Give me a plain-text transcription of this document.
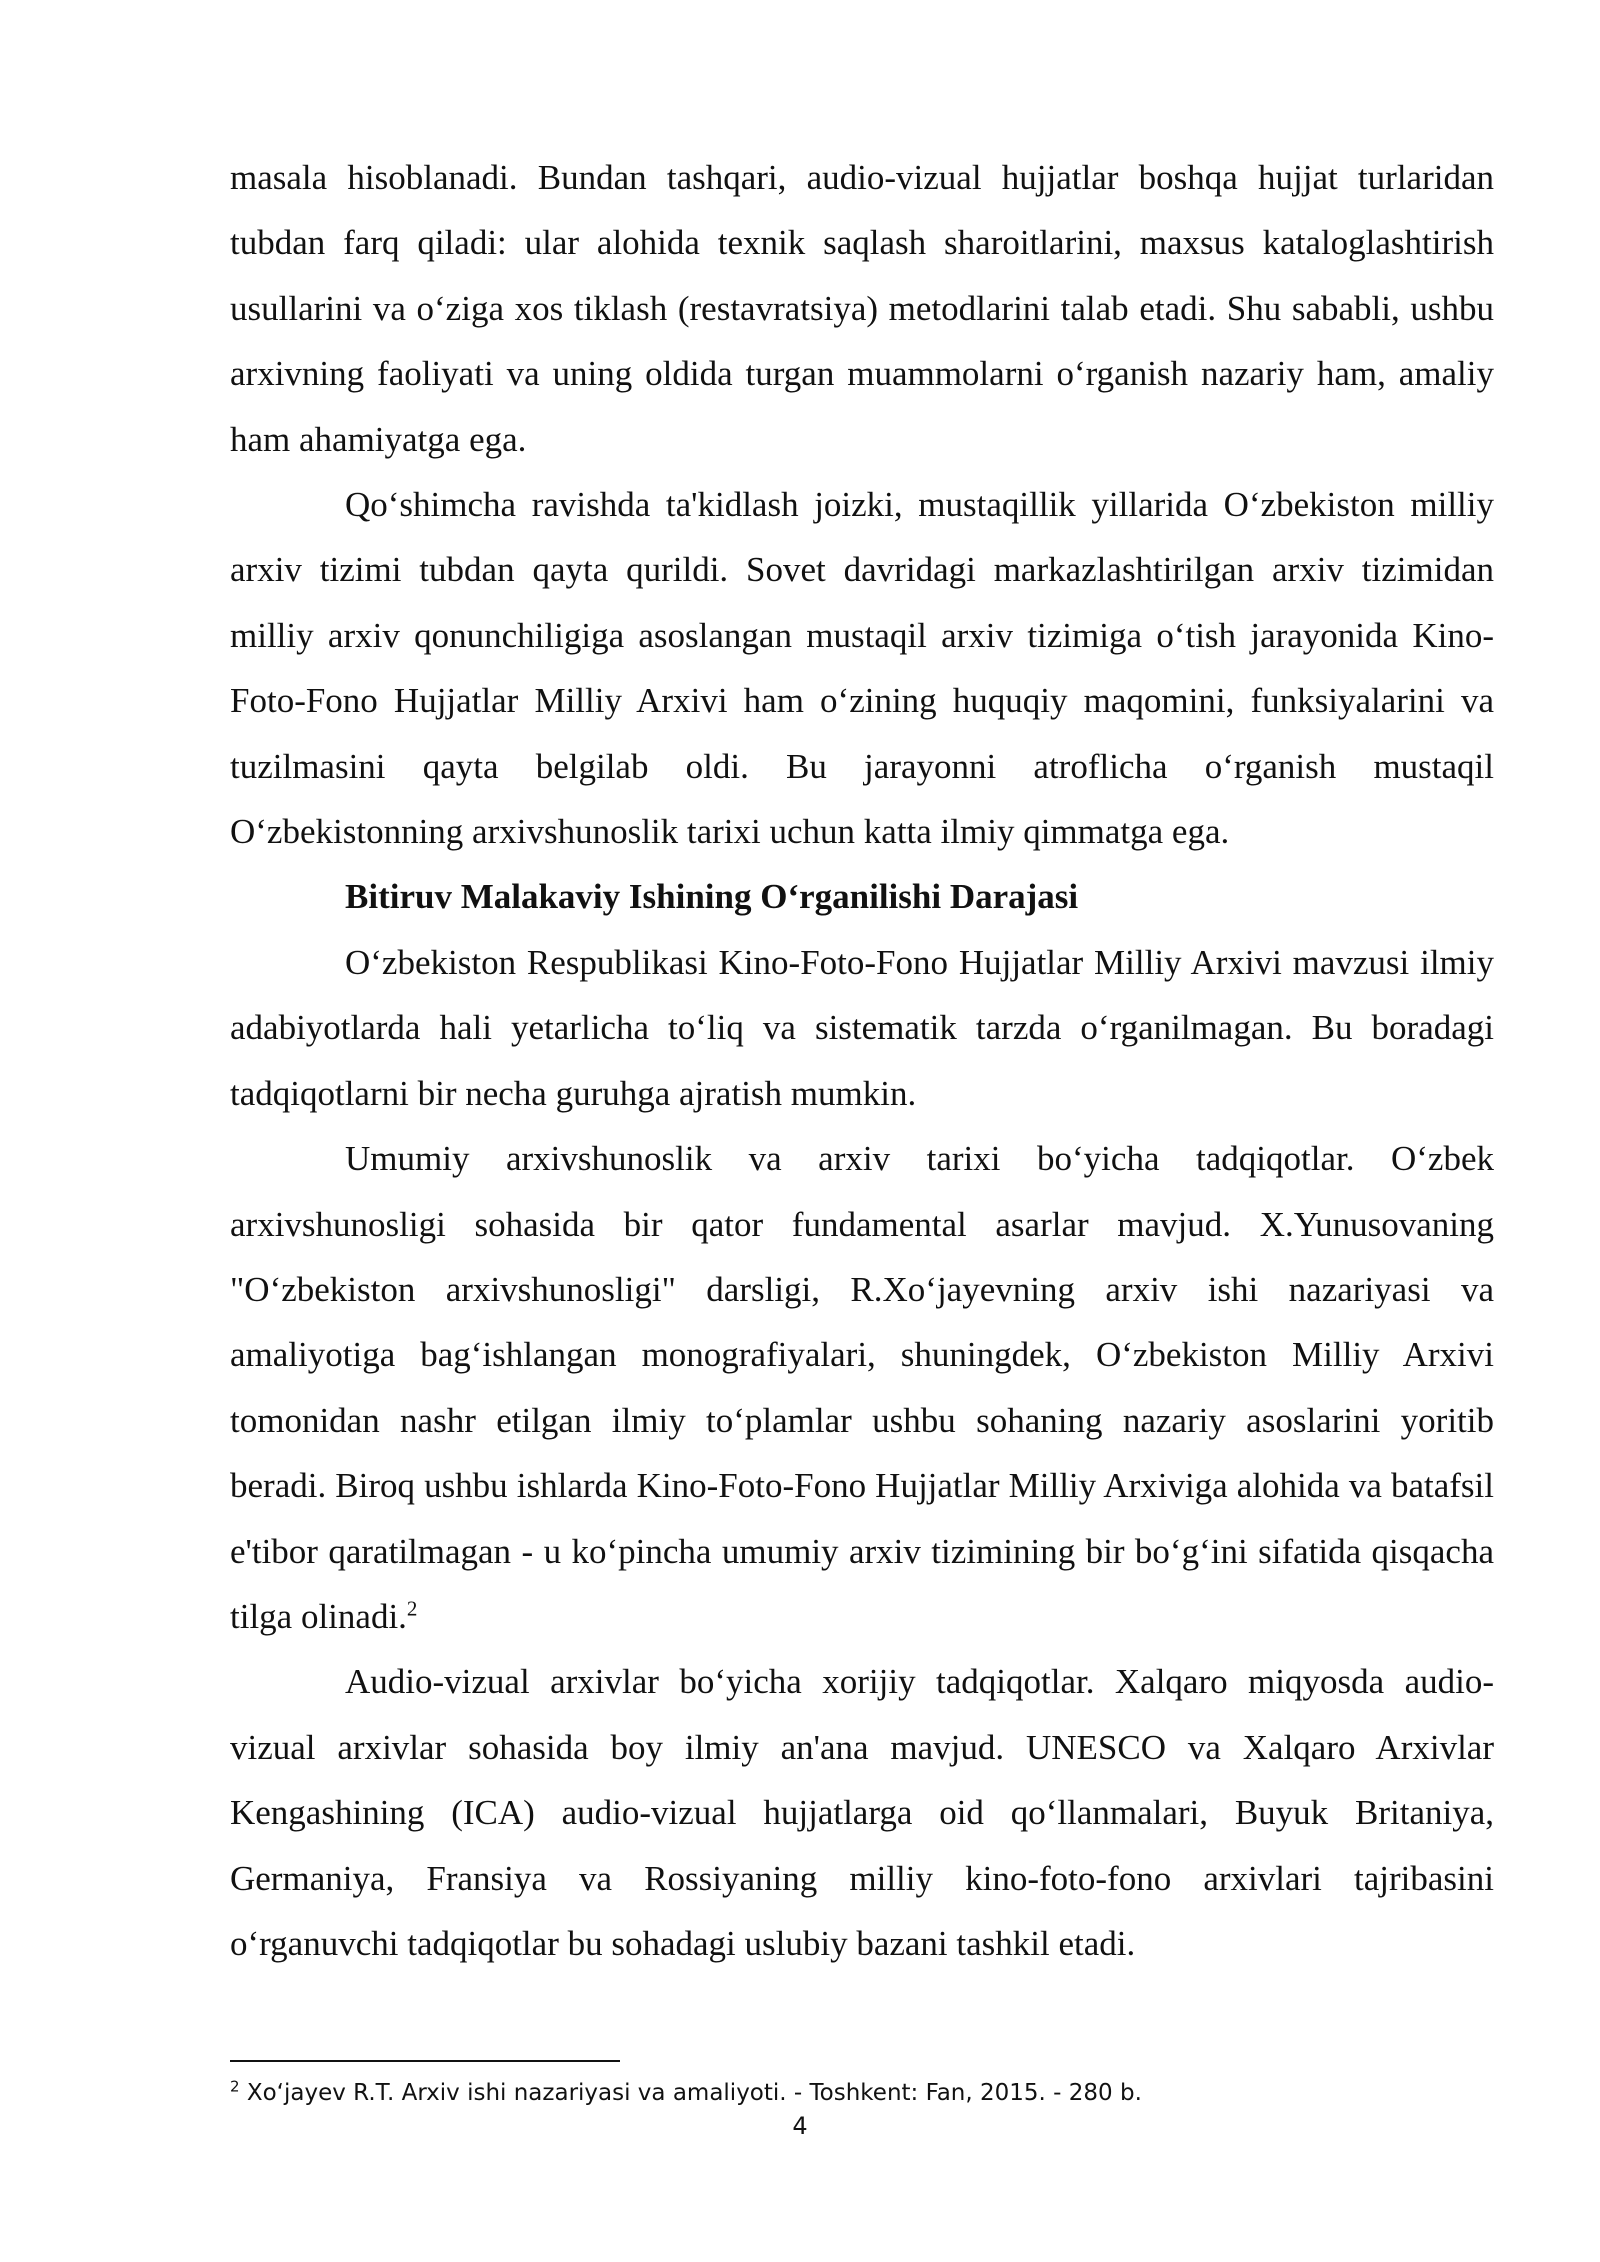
masala hisoblanadi. Bundan tashqari, audio-vizual hujjatlar boshqa hujjat turlaridan tubdan farq qiladi: ular alohida texnik saqlash sharoitlarini, maxsus kataloglashtirish usullarini va o‘ziga xos tiklash (restavratsiya) metodlarini talab etadi. Shu sababli, ushbu arxivning faoliyati va uning oldida turgan muammolarni o‘rganish nazariy ham, amaliy ham ahamiyatga ega.

Qo‘shimcha ravishda ta'kidlash joizki, mustaqillik yillarida O‘zbekiston milliy arxiv tizimi tubdan qayta qurildi. Sovet davridagi markazlashtirilgan arxiv tizimidan milliy arxiv qonunchiligiga asoslangan mustaqil arxiv tizimiga o‘tish jarayonida Kino-Foto-Fono Hujjatlar Milliy Arxivi ham o‘zining huquqiy maqomini, funksiyalarini va tuzilmasini qayta belgilab oldi. Bu jarayonni atroflicha o‘rganish mustaqil O‘zbekistonning arxivshunoslik tarixi uchun katta ilmiy qimmatga ega.

Bitiruv Malakaviy Ishining O‘rganilishi Darajasi

O‘zbekiston Respublikasi Kino-Foto-Fono Hujjatlar Milliy Arxivi mavzusi ilmiy adabiyotlarda hali yetarlicha to‘liq va sistematik tarzda o‘rganilmagan. Bu boradagi tadqiqotlarni bir necha guruhga ajratish mumkin.

Umumiy arxivshunoslik va arxiv tarixi bo‘yicha tadqiqotlar. O‘zbek arxivshunosligi sohasida bir qator fundamental asarlar mavjud. X.Yunusovaning "O‘zbekiston arxivshunosligi" darsligi, R.Xo‘jayevning arxiv ishi nazariyasi va amaliyotiga bag‘ishlangan monografiyalari, shuningdek, O‘zbekiston Milliy Arxivi tomonidan nashr etilgan ilmiy to‘plamlar ushbu sohaning nazariy asoslarini yoritib beradi. Biroq ushbu ishlarda Kino-Foto-Fono Hujjatlar Milliy Arxiviga alohida va batafsil e'tibor qaratilmagan - u ko‘pincha umumiy arxiv tizimining bir bo‘g‘ini sifatida qisqacha tilga olinadi.$^2$

Audio-vizual arxivlar bo‘yicha xorijiy tadqiqotlar. Xalqaro miqyosda audio-vizual arxivlar sohasida boy ilmiy an'ana mavjud. UNESCO va Xalqaro Arxivlar Kengashining (ICA) audio-vizual hujjatlarga oid qo‘llanmalari, Buyuk Britaniya, Germaniya, Fransiya va Rossiyaning milliy kino-foto-fono arxivlari tajribasini o‘rganuvchi tadqiqotlar bu sohadagi uslubiy bazani tashkil etadi.

$^2$ Xo‘jayev R.T. Arxiv ishi nazariyasi va amaliyoti. - Toshkent: Fan, 2015. - 280 b.
4
